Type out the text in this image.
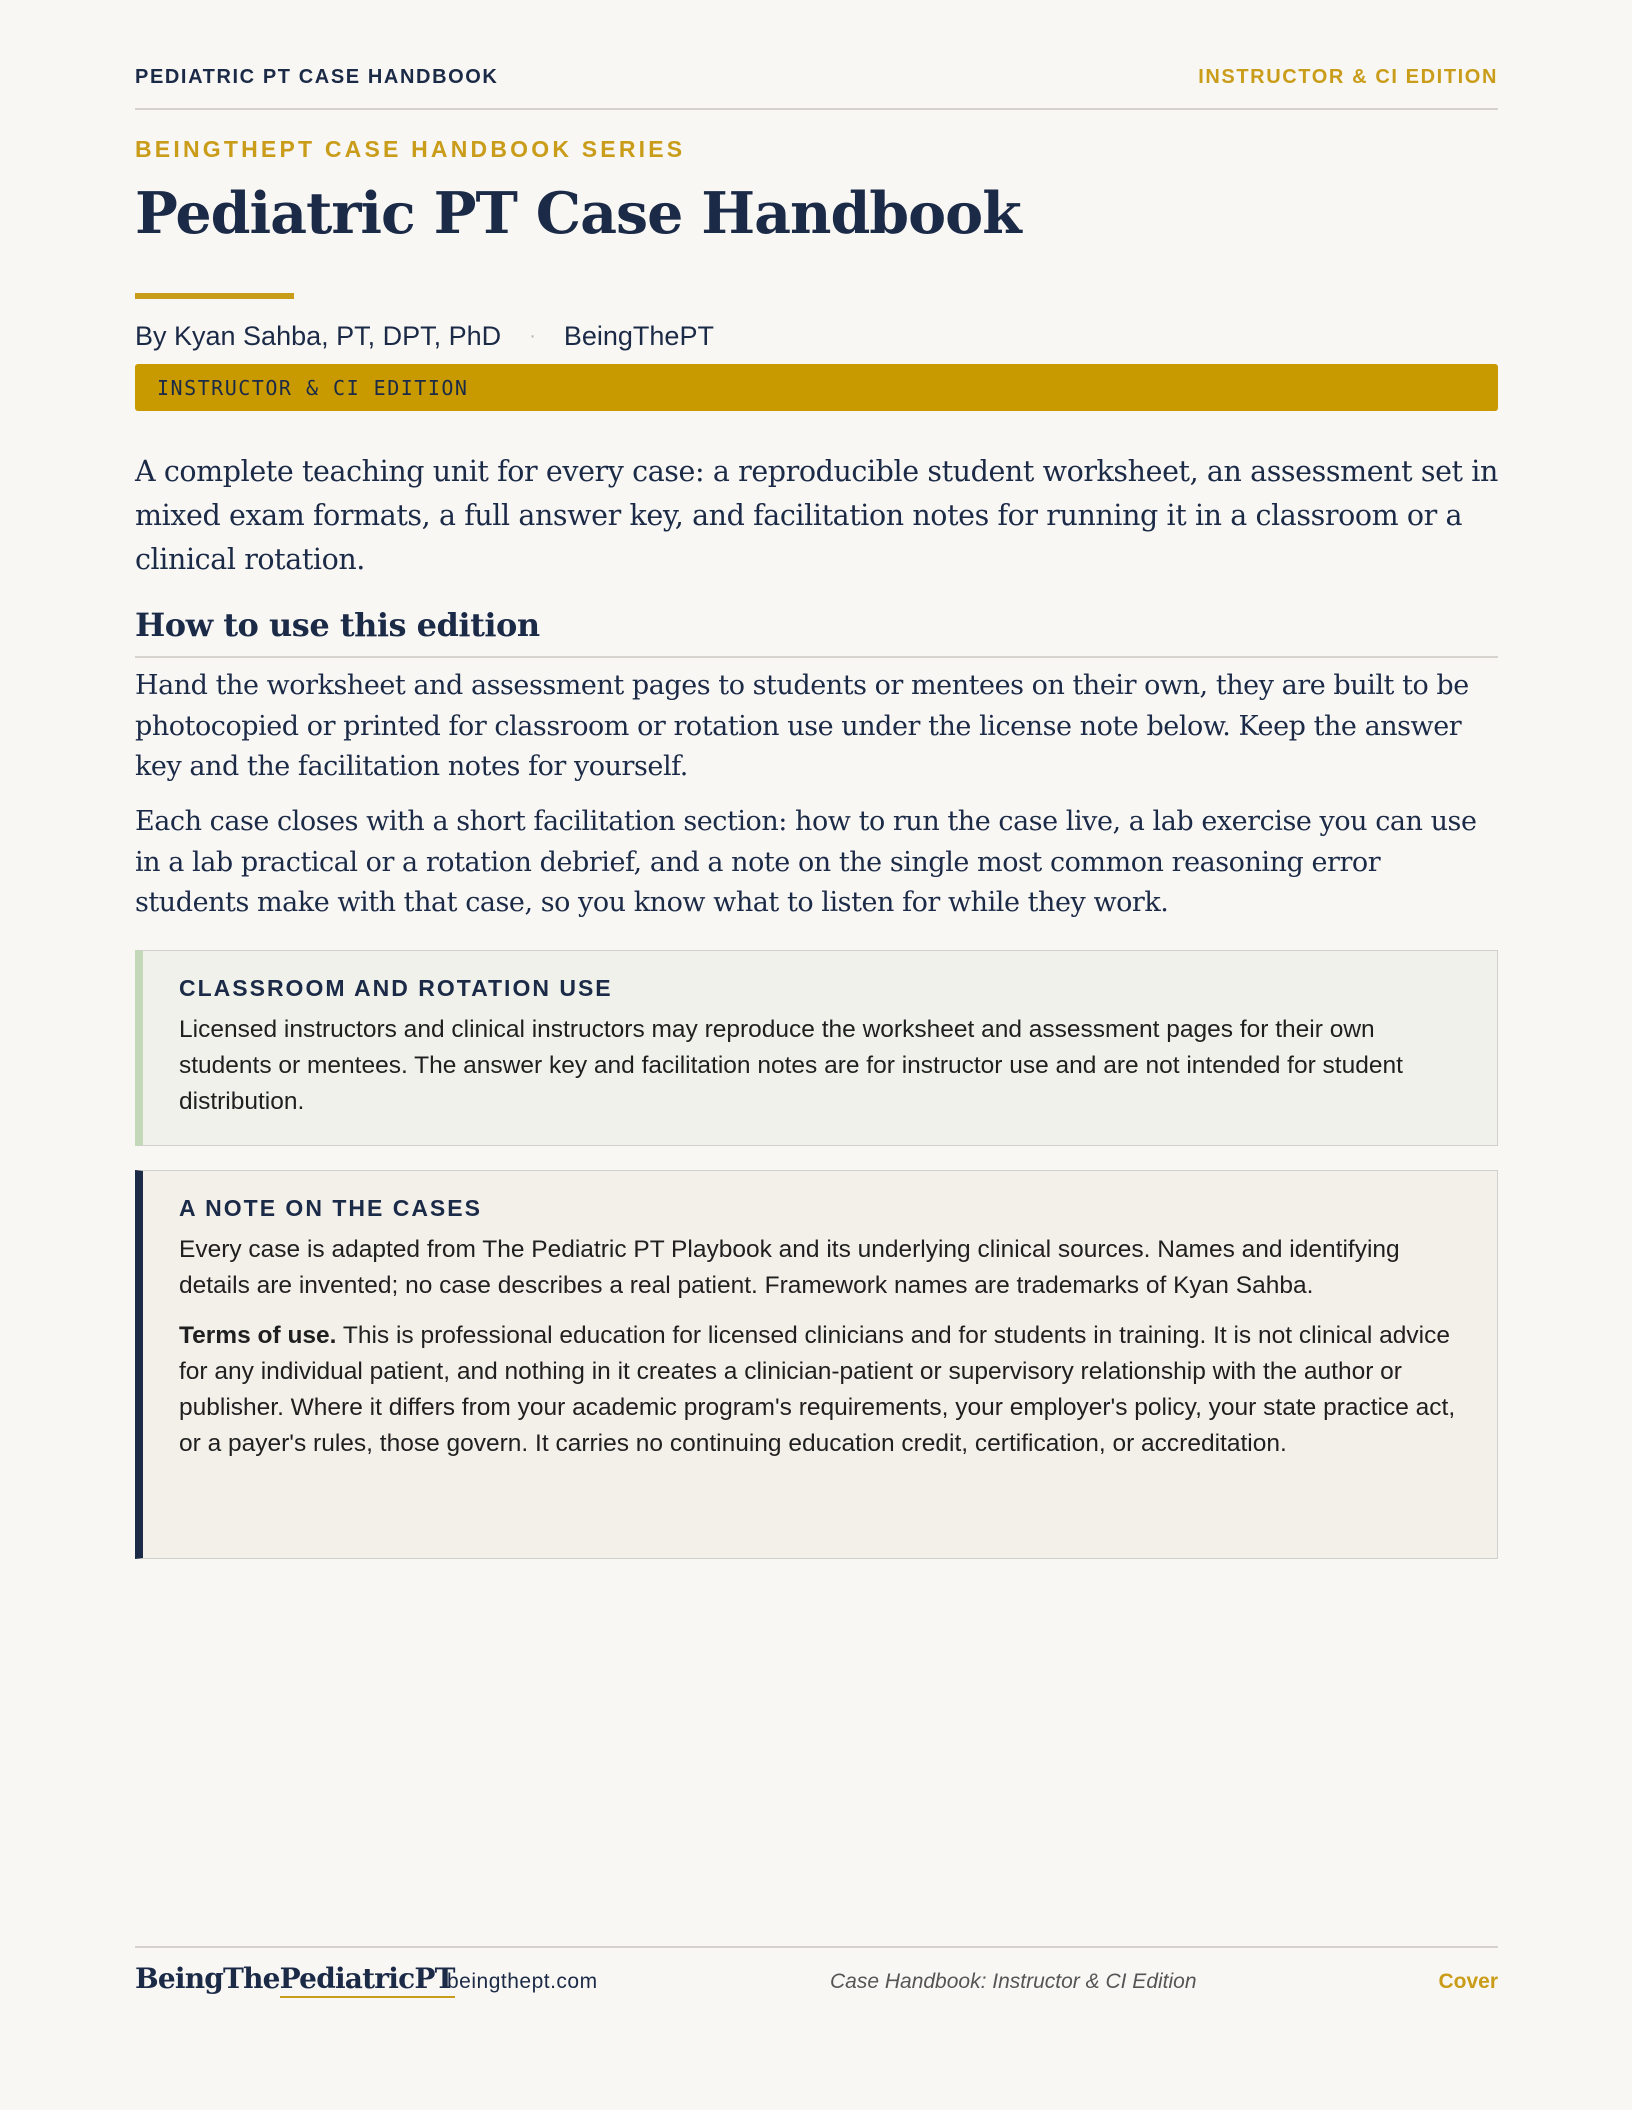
PEDIATRIC PT CASE HANDBOOK	INSTRUCTOR & CI EDITION
BEINGTHEPT CASE HANDBOOK SERIES
Pediatric PT Case Handbook
By Kyan Sahba, PT, DPT, PhD · BeingThePT
INSTRUCTOR & CI EDITION

A complete teaching unit for every case: a reproducible student worksheet, an assessment set in mixed exam formats, a full answer key, and facilitation notes for running it in a classroom or a clinical rotation.

How to use this edition

Hand the worksheet and assessment pages to students or mentees on their own, they are built to be photocopied or printed for classroom or rotation use under the license note below. Keep the answer key and the facilitation notes for yourself.

Each case closes with a short facilitation section: how to run the case live, a lab exercise you can use in a lab practical or a rotation debrief, and a note on the single most common reasoning error students make with that case, so you know what to listen for while they work.

CLASSROOM AND ROTATION USE

Licensed instructors and clinical instructors may reproduce the worksheet and assessment pages for their own students or mentees. The answer key and facilitation notes are for instructor use and are not intended for student distribution.

A NOTE ON THE CASES

Every case is adapted from The Pediatric PT Playbook and its underlying clinical sources. Names and identifying details are invented; no case describes a real patient. Framework names are trademarks of Kyan Sahba.

Terms of use. This is professional education for licensed clinicians and for students in training. It is not clinical advice for any individual patient, and nothing in it creates a clinician-patient or supervisory relationship with the author or publisher. Where it differs from your academic program's requirements, your employer's policy, your state practice act, or a payer's rules, those govern. It carries no continuing education credit, certification, or accreditation.

BeingThePediatricPT
beingthept.com	Case Handbook: Instructor & CI Edition	Cover
